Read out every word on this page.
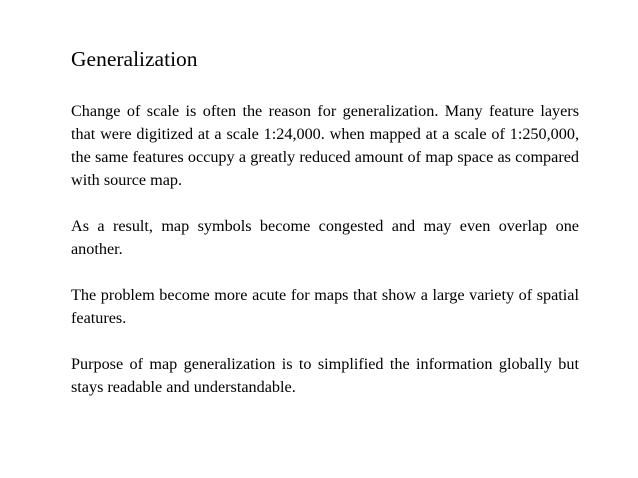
Generalization

Change of scale is often the reason for generalization. Many feature layers that were digitized at a scale 1:24,000. when mapped at a scale of 1:250,000, the same features occupy a greatly reduced amount of map space as compared with source map.

As a result, map symbols become congested and may even overlap one another.

The problem become more acute for maps that show a large variety of spatial features.

Purpose of map generalization is to simplified the information globally but stays readable and understandable.
